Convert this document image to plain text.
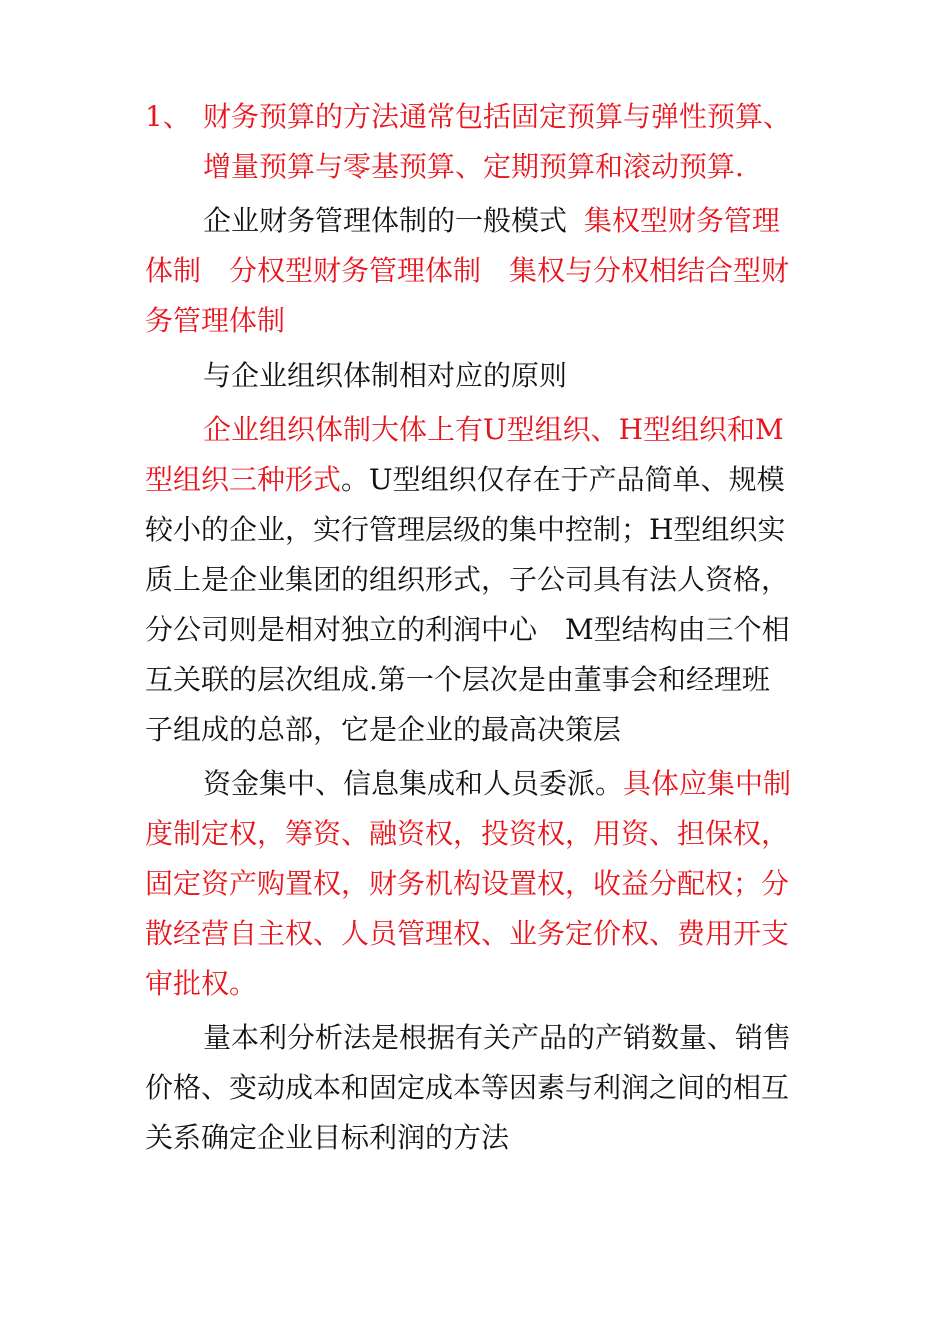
1、 财务预算的方法通常包括固定预算与弹性预算、
增量预算与零基预算、定期预算和滚动预算.
企业财务管理体制的一般模式 集权型财务管理
体制　分权型财务管理体制　集权与分权相结合型财
务管理体制
与企业组织体制相对应的原则
企业组织体制大体上有U型组织、H型组织和M
型组织三种形式。U型组织仅存在于产品简单、规模
较小的企业，实行管理层级的集中控制；H型组织实
质上是企业集团的组织形式，子公司具有法人资格，
分公司则是相对独立的利润中心　M型结构由三个相
互关联的层次组成.第一个层次是由董事会和经理班
子组成的总部，它是企业的最高决策层
资金集中、信息集成和人员委派。具体应集中制
度制定权，筹资、融资权，投资权，用资、担保权，
固定资产购置权，财务机构设置权，收益分配权；分
散经营自主权、人员管理权、业务定价权、费用开支
审批权。
量本利分析法是根据有关产品的产销数量、销售
价格、变动成本和固定成本等因素与利润之间的相互
关系确定企业目标利润的方法
